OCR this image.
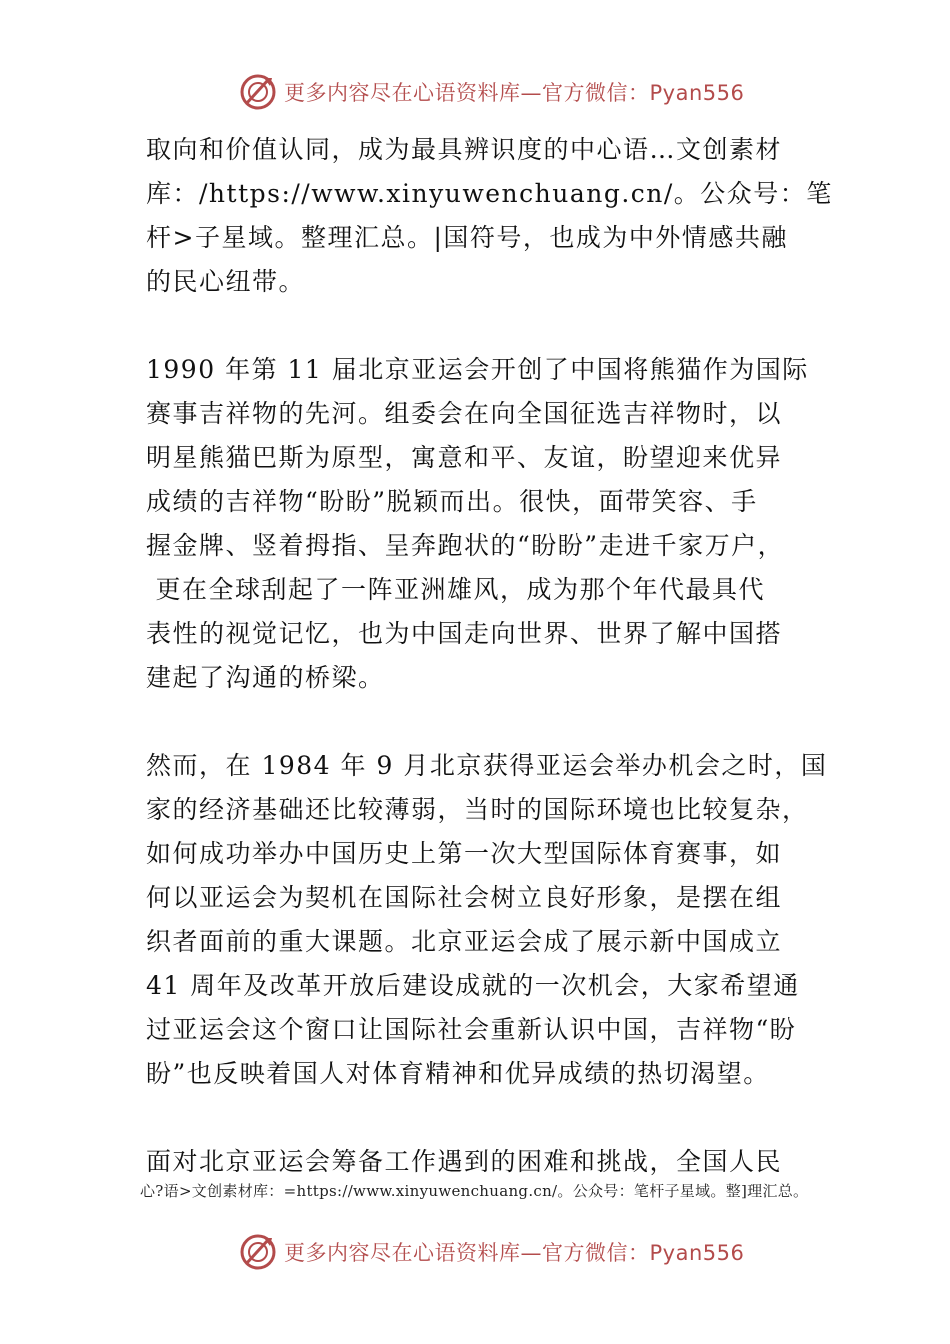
更多内容尽在心语资料库—官方微信：Pyan556
取向和价值认同，成为最具辨识度的中心语…文创素材
库：/https://www.xinyuwenchuang.cn/。公众号：笔
杆>子星域。整理汇总。|国符号，也成为中外情感共融
的民心纽带。
1990 年第 11 届北京亚运会开创了中国将熊猫作为国际
赛事吉祥物的先河。组委会在向全国征选吉祥物时，以
明星熊猫巴斯为原型，寓意和平、友谊，盼望迎来优异
成绩的吉祥物“盼盼”脱颖而出。很快，面带笑容、手
握金牌、竖着拇指、呈奔跑状的“盼盼”走进千家万户，
更在全球刮起了一阵亚洲雄风，成为那个年代最具代
表性的视觉记忆，也为中国走向世界、世界了解中国搭
建起了沟通的桥梁。
然而，在 1984 年 9 月北京获得亚运会举办机会之时，国
家的经济基础还比较薄弱，当时的国际环境也比较复杂，
如何成功举办中国历史上第一次大型国际体育赛事，如
何以亚运会为契机在国际社会树立良好形象，是摆在组
织者面前的重大课题。北京亚运会成了展示新中国成立
41 周年及改革开放后建设成就的一次机会，大家希望通
过亚运会这个窗口让国际社会重新认识中国，吉祥物“盼
盼”也反映着国人对体育精神和优异成绩的热切渴望。
面对北京亚运会筹备工作遇到的困难和挑战，全国人民
心?语>文创素材库：=https://www.xinyuwenchuang.cn/。公众号：笔杆子星域。整]理汇总。
更多内容尽在心语资料库—官方微信：Pyan556
